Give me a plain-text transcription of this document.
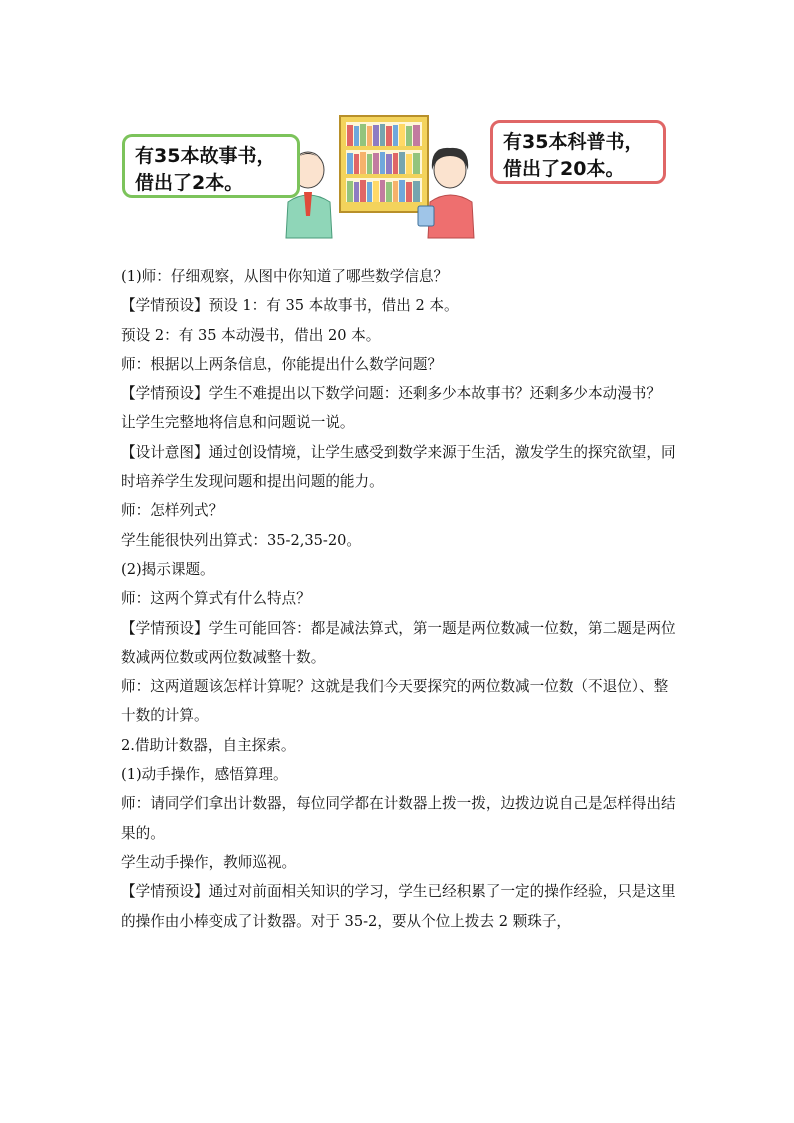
有35本故事书，
借出了2本。
有35本科普书，
借出了20本。

(1)师：仔细观察，从图中你知道了哪些数学信息？

【学情预设】预设 1：有 35 本故事书，借出 2 本。

预设 2：有 35 本动漫书，借出 20 本。

师：根据以上两条信息，你能提出什么数学问题？

【学情预设】学生不难提出以下数学问题：还剩多少本故事书？还剩多少本动漫书？

让学生完整地将信息和问题说一说。

【设计意图】通过创设情境，让学生感受到数学来源于生活，激发学生的探究欲望，同时培养学生发现问题和提出问题的能力。

师：怎样列式？

学生能很快列出算式：35-2,35-20。

(2)揭示课题。

师：这两个算式有什么特点？

【学情预设】学生可能回答：都是减法算式，第一题是两位数减一位数，第二题是两位数减两位数或两位数减整十数。

师：这两道题该怎样计算呢？这就是我们今天要探究的两位数减一位数（不退位）、整十数的计算。

2.借助计数器，自主探索。

(1)动手操作，感悟算理。

师：请同学们拿出计数器，每位同学都在计数器上拨一拨，边拨边说自己是怎样得出结果的。

学生动手操作，教师巡视。

【学情预设】通过对前面相关知识的学习，学生已经积累了一定的操作经验，只是这里的操作由小棒变成了计数器。对于 35-2，要从个位上拨去 2 颗珠子，
